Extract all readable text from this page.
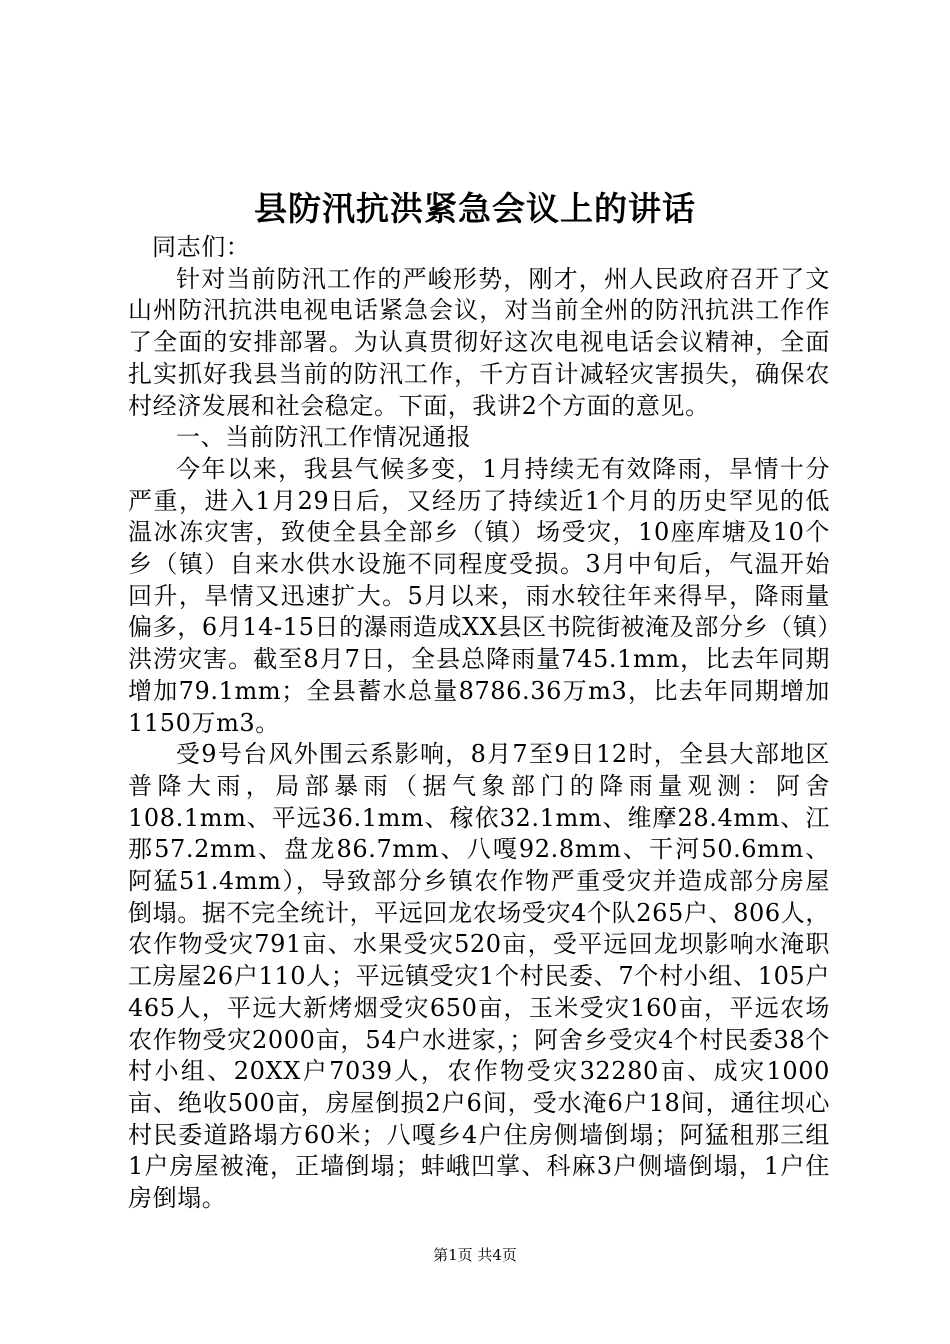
县防汛抗洪紧急会议上的讲话

同志们：

针对当前防汛工作的严峻形势，刚才，州人民政府召开了文山州防汛抗洪电视电话紧急会议，对当前全州的防汛抗洪工作作了全面的安排部署。为认真贯彻好这次电视电话会议精神，全面扎实抓好我县当前的防汛工作，千方百计减轻灾害损失，确保农村经济发展和社会稳定。下面，我讲2个方面的意见。

一、当前防汛工作情况通报

今年以来，我县气候多变，1月持续无有效降雨，旱情十分严重，进入1月29日后，又经历了持续近1个月的历史罕见的低温冰冻灾害，致使全县全部乡（镇）场受灾，10座库塘及10个乡（镇）自来水供水设施不同程度受损。3月中旬后，气温开始回升，旱情又迅速扩大。5月以来，雨水较往年来得早，降雨量偏多，6月14-15日的瀑雨造成XX县区书院街被淹及部分乡（镇）洪涝灾害。截至8月7日，全县总降雨量745.1mm，比去年同期增加79.1mm；全县蓄水总量8786.36万m3，比去年同期增加1150万m3。

受9号台风外围云系影响，8月7至9日12时，全县大部地区普降大雨，局部暴雨（据气象部门的降雨量观测：阿舍108.1mm、平远36.1mm、稼依32.1mm、维摩28.4mm、江那57.2mm、盘龙86.7mm、八嘎92.8mm、干河50.6mm、阿猛51.4mm），导致部分乡镇农作物严重受灾并造成部分房屋倒塌。据不完全统计，平远回龙农场受灾4个队265户、806人，农作物受灾791亩、水果受灾520亩，受平远回龙坝影响水淹职工房屋26户110人；平远镇受灾1个村民委、7个村小组、105户465人，平远大新烤烟受灾650亩，玉米受灾160亩，平远农场农作物受灾2000亩，54户水进家，；阿舍乡受灾4个村民委38个村小组、20XX户7039人，农作物受灾32280亩、成灾1000亩、绝收500亩，房屋倒损2户6间，受水淹6户18间，通往坝心村民委道路塌方60米；八嘎乡4户住房侧墙倒塌；阿猛租那三组1户房屋被淹，正墙倒塌；蚌峨凹掌、科麻3户侧墙倒塌，1户住房倒塌。

第1页 共4页
